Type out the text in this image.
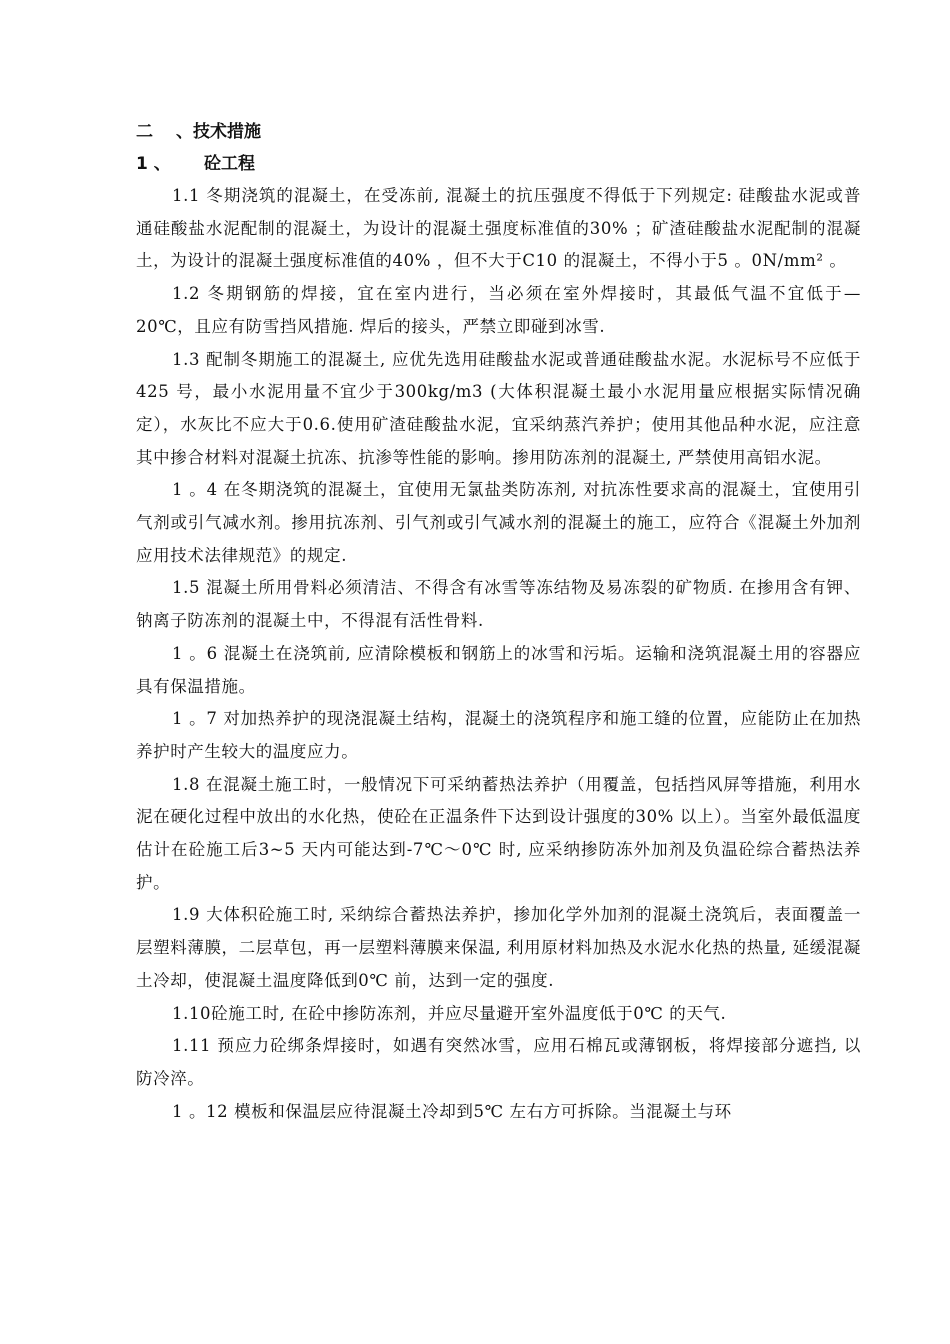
二 、技术措施
1 、 砼工程

1.1 冬期浇筑的混凝土，在受冻前, 混凝土的抗压强度不得低于下列规定: 硅酸盐水泥或普通硅酸盐水泥配制的混凝土，为设计的混凝土强度标准值的30% ；矿渣硅酸盐水泥配制的混凝土，为设计的混凝土强度标准值的40% ，但不大于C10 的混凝土，不得小于5 。0N/mm² 。

1.2 冬期钢筋的焊接，宜在室内进行，当必须在室外焊接时，其最低气温不宜低于—20℃，且应有防雪挡风措施. 焊后的接头，严禁立即碰到冰雪.

1.3 配制冬期施工的混凝土, 应优先选用硅酸盐水泥或普通硅酸盐水泥。水泥标号不应低于425 号，最小水泥用量不宜少于300kg/m3 (大体积混凝土最小水泥用量应根据实际情况确定），水灰比不应大于0.6.使用矿渣硅酸盐水泥，宜采纳蒸汽养护；使用其他品种水泥，应注意其中掺合材料对混凝土抗冻、抗渗等性能的影响。掺用防冻剂的混凝土, 严禁使用高铝水泥。

1 。4 在冬期浇筑的混凝土，宜使用无氯盐类防冻剂, 对抗冻性要求高的混凝土，宜使用引气剂或引气减水剂。掺用抗冻剂、引气剂或引气减水剂的混凝土的施工，应符合《混凝土外加剂应用技术法律规范》的规定.

1.5 混凝土所用骨料必须清洁、不得含有冰雪等冻结物及易冻裂的矿物质. 在掺用含有钾、钠离子防冻剂的混凝土中，不得混有活性骨料.

1 。6 混凝土在浇筑前, 应清除模板和钢筋上的冰雪和污垢。运输和浇筑混凝土用的容器应具有保温措施。

1 。7 对加热养护的现浇混凝土结构，混凝土的浇筑程序和施工缝的位置，应能防止在加热养护时产生较大的温度应力。

1.8 在混凝土施工时，一般情况下可采纳蓄热法养护（用覆盖，包括挡风屏等措施，利用水泥在硬化过程中放出的水化热，使砼在正温条件下达到设计强度的30% 以上）。当室外最低温度估计在砼施工后3~5 天内可能达到-7℃～0℃ 时, 应采纳掺防冻外加剂及负温砼综合蓄热法养护。

1.9 大体积砼施工时, 采纳综合蓄热法养护，掺加化学外加剂的混凝土浇筑后，表面覆盖一层塑料薄膜，二层草包，再一层塑料薄膜来保温, 利用原材料加热及水泥水化热的热量, 延缓混凝土冷却，使混凝土温度降低到0℃ 前，达到一定的强度.

1.10砼施工时, 在砼中掺防冻剂，并应尽量避开室外温度低于0℃ 的天气.

1.11 预应力砼绑条焊接时，如遇有突然冰雪，应用石棉瓦或薄钢板，将焊接部分遮挡, 以防冷淬。

1 。12 模板和保温层应待混凝土冷却到5℃ 左右方可拆除。当混凝土与环
